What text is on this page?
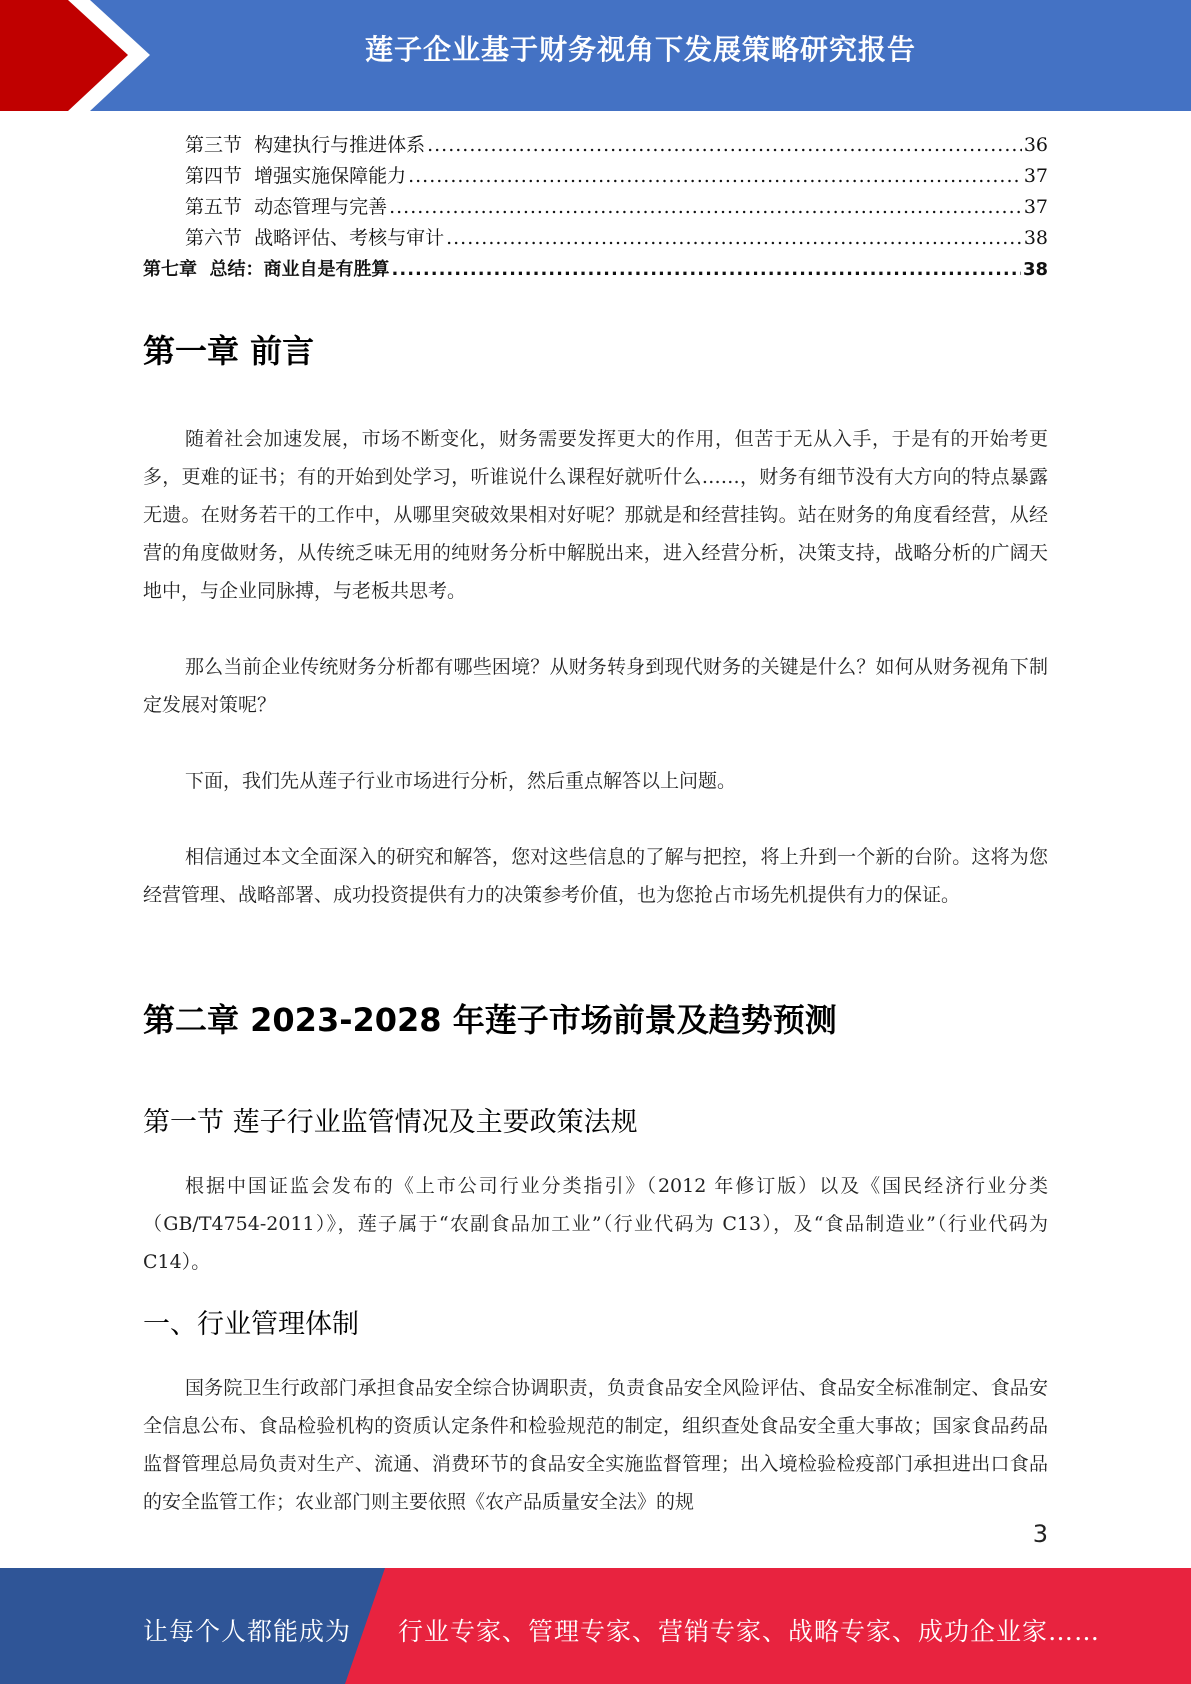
莲子企业基于财务视角下发展策略研究报告
第三节  构建执行与推进体系 .....	36
第四节  增强实施保障能力 .....	37
第五节  动态管理与完善 .....	37
第六节  战略评估、考核与审计 .....	38
第七章  总结：商业自是有胜算 .....	38
第一章 前言

随着社会加速发展，市场不断变化，财务需要发挥更大的作用，但苦于无从入手，于是有的开始考更多，更难的证书；有的开始到处学习，听谁说什么课程好就听什么……，财务有细节没有大方向的特点暴露无遗。在财务若干的工作中，从哪里突破效果相对好呢？那就是和经营挂钩。站在财务的角度看经营，从经营的角度做财务，从传统乏味无用的纯财务分析中解脱出来，进入经营分析，决策支持，战略分析的广阔天地中，与企业同脉搏，与老板共思考。

那么当前企业传统财务分析都有哪些困境？从财务转身到现代财务的关键是什么？如何从财务视角下制定发展对策呢？

下面，我们先从莲子行业市场进行分析，然后重点解答以上问题。

相信通过本文全面深入的研究和解答，您对这些信息的了解与把控，将上升到一个新的台阶。这将为您经营管理、战略部署、成功投资提供有力的决策参考价值，也为您抢占市场先机提供有力的保证。

第二章 2023-2028 年莲子市场前景及趋势预测
第一节 莲子行业监管情况及主要政策法规

根据中国证监会发布的《上市公司行业分类指引》（2012 年修订版）以及《国民经济行业分类（GB/T4754-2011）》，莲子属于“农副食品加工业”（行业代码为 C13），及“食品制造业”（行业代码为 C14）。

一、行业管理体制

国务院卫生行政部门承担食品安全综合协调职责，负责食品安全风险评估、食品安全标准制定、食品安全信息公布、食品检验机构的资质认定条件和检验规范的制定，组织查处食品安全重大事故；国家食品药品监督管理总局负责对生产、流通、消费环节的食品安全实施监督管理；出入境检验检疫部门承担进出口食品的安全监管工作；农业部门则主要依照《农产品质量安全法》的规

3
让每个人都能成为 行业专家、管理专家、营销专家、战略专家、成功企业家……
